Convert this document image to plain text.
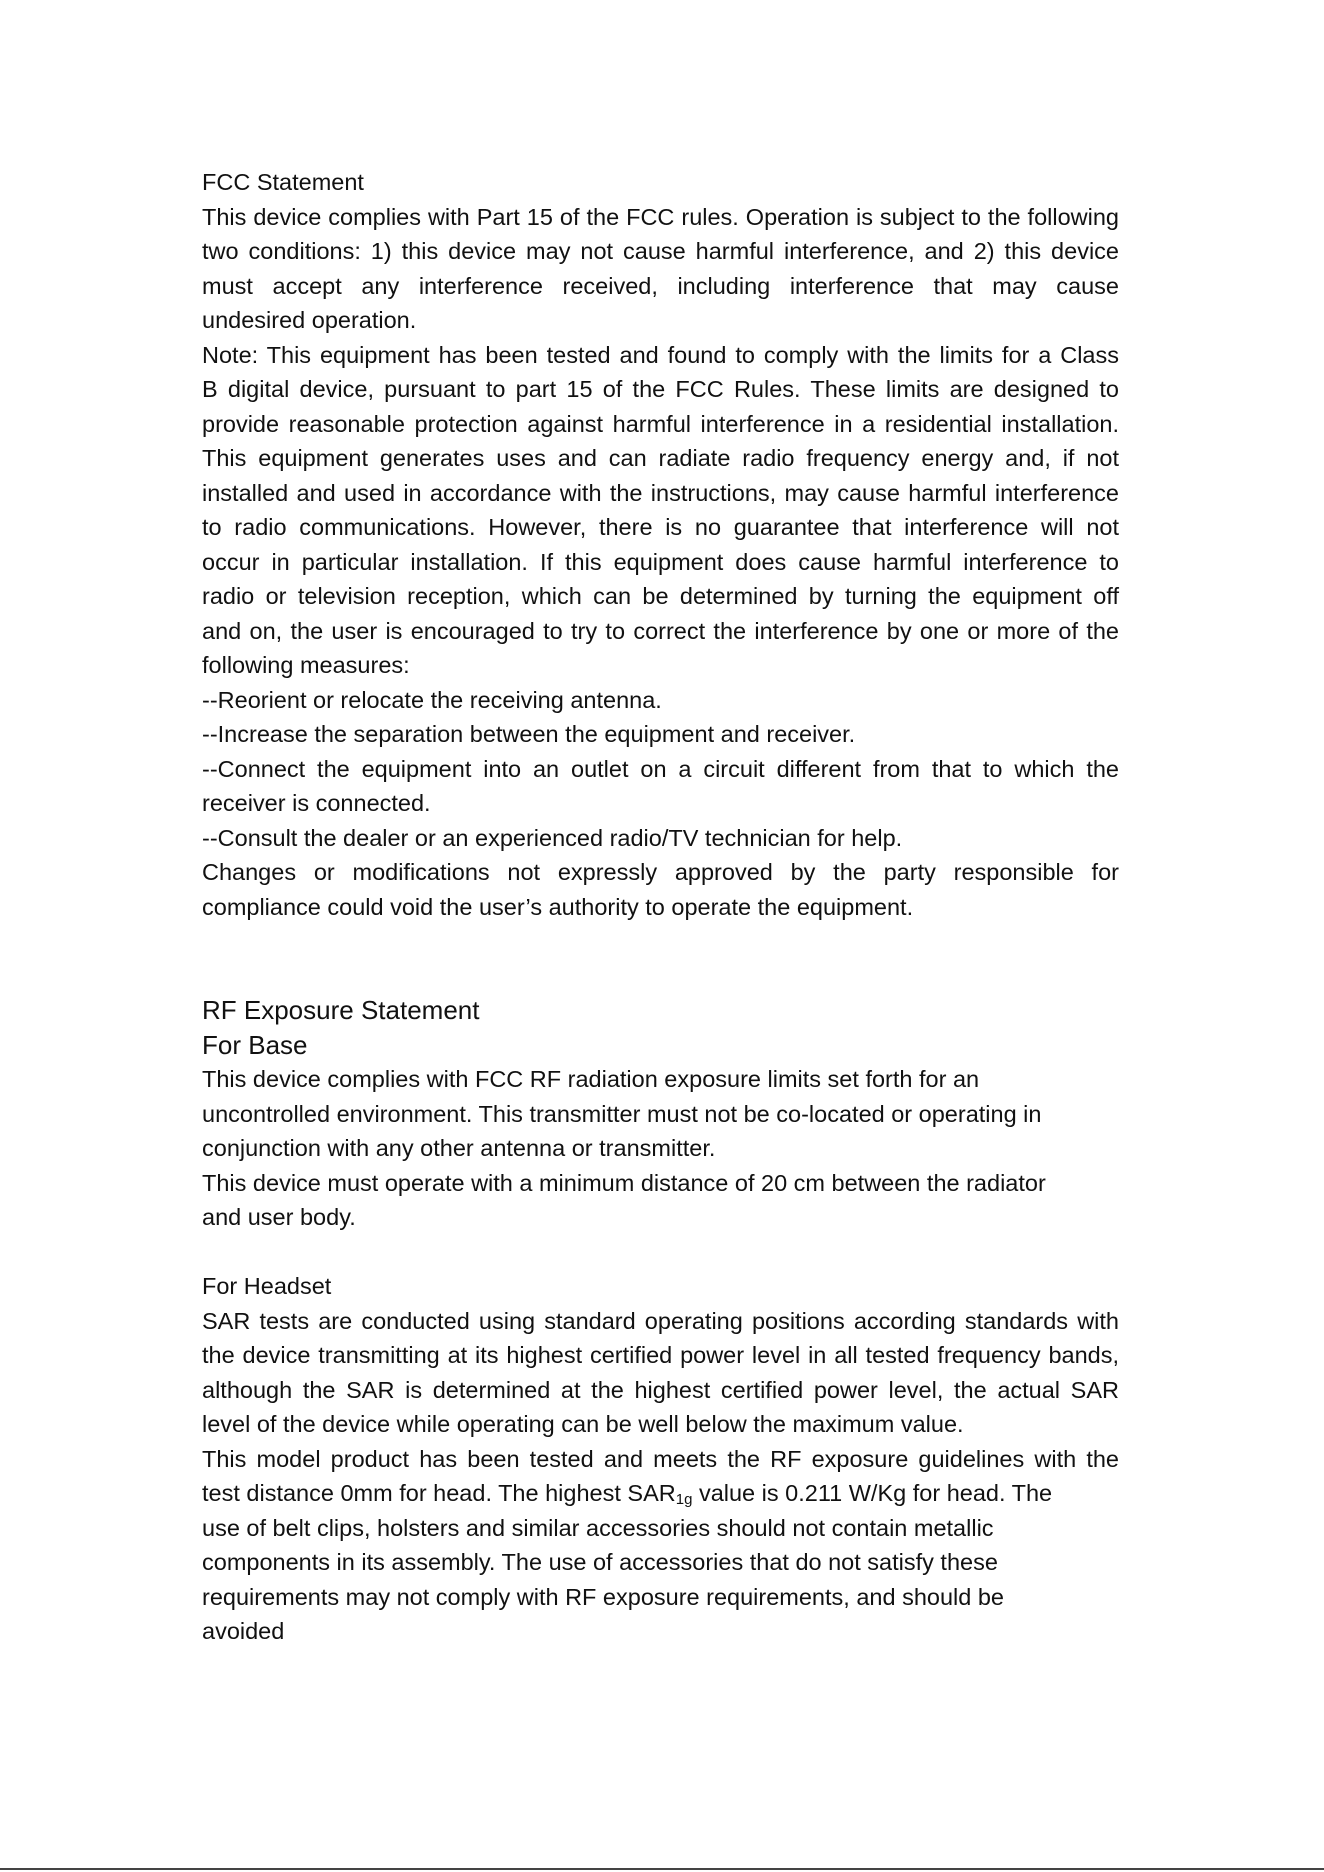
FCC Statement
This device complies with Part 15 of the FCC rules. Operation is subject to the following
two conditions: 1) this device may not cause harmful interference, and 2) this device
must accept any interference received, including interference that may cause
undesired operation.
Note: This equipment has been tested and found to comply with the limits for a Class
B digital device, pursuant to part 15 of the FCC Rules. These limits are designed to
provide reasonable protection against harmful interference in a residential installation.
This equipment generates uses and can radiate radio frequency energy and, if not
installed and used in accordance with the instructions, may cause harmful interference
to radio communications. However, there is no guarantee that interference will not
occur in particular installation. If this equipment does cause harmful interference to
radio or television reception, which can be determined by turning the equipment off
and on, the user is encouraged to try to correct the interference by one or more of the
following measures:
--Reorient or relocate the receiving antenna.
--Increase the separation between the equipment and receiver.
--Connect the equipment into an outlet on a circuit different from that to which the
receiver is connected.
--Consult the dealer or an experienced radio/TV technician for help.
Changes or modifications not expressly approved by the party responsible for
compliance could void the user’s authority to operate the equipment.
RF Exposure Statement
For Base
This device complies with FCC RF radiation exposure limits set forth for an
uncontrolled environment. This transmitter must not be co-located or operating in
conjunction with any other antenna or transmitter.
This device must operate with a minimum distance of 20 cm between the radiator
and user body.
For Headset
SAR tests are conducted using standard operating positions according standards with
the device transmitting at its highest certified power level in all tested frequency bands,
although the SAR is determined at the highest certified power level, the actual SAR
level of the device while operating can be well below the maximum value.
This model product has been tested and meets the RF exposure guidelines with the
test distance 0mm for head. The highest $SAR_{1g}$ value is 0.211 W/Kg for head. The
use of belt clips, holsters and similar accessories should not contain metallic
components in its assembly. The use of accessories that do not satisfy these
requirements may not comply with RF exposure requirements, and should be
avoided
